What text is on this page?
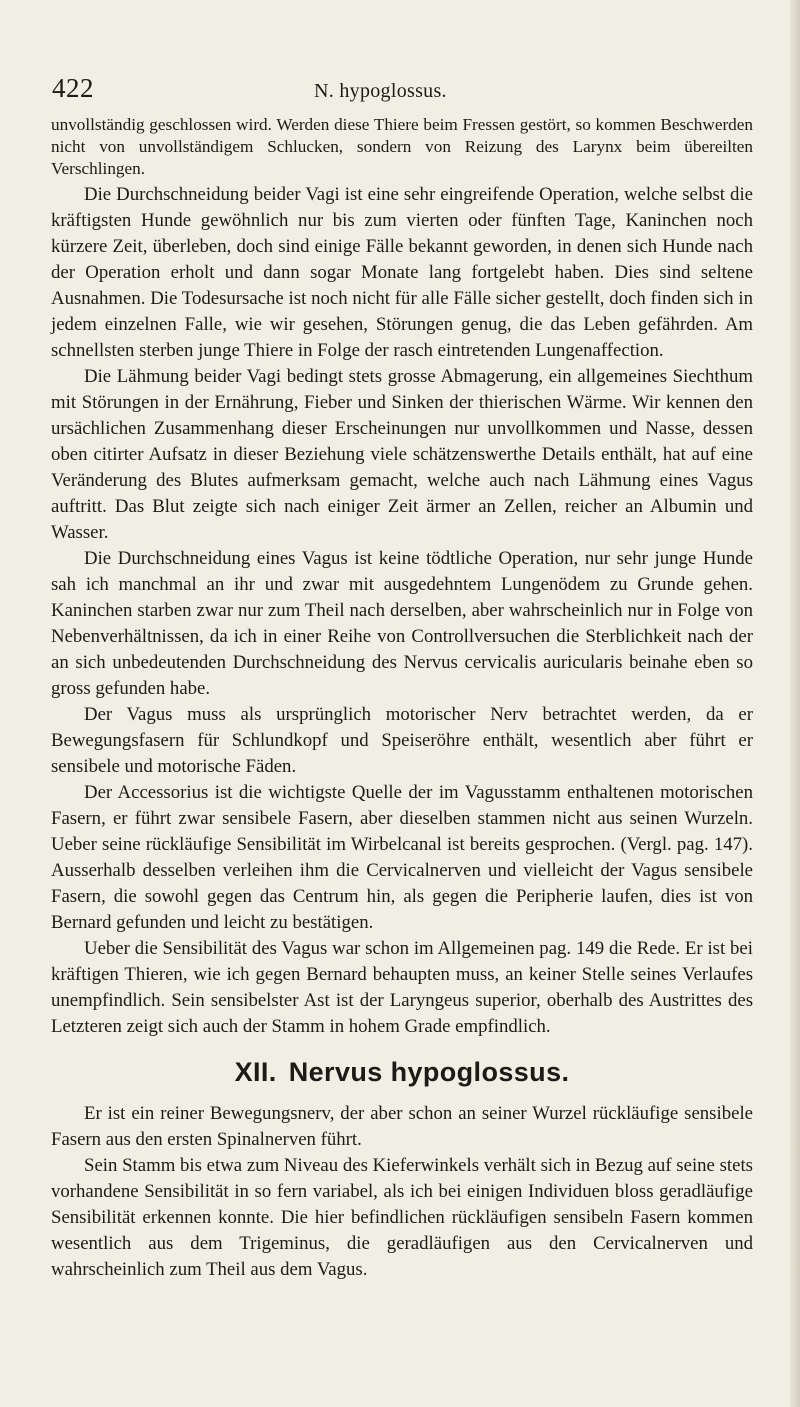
422	N. hypoglossus.

unvollständig geschlossen wird. Werden diese Thiere beim Fressen gestört, so kommen Beschwerden nicht von unvollständigem Schlucken, sondern von Reizung des Larynx beim übereilten Verschlingen.

Die Durchschneidung beider Vagi ist eine sehr eingreifende Operation, welche selbst die kräftigsten Hunde gewöhnlich nur bis zum vierten oder fünften Tage, Kaninchen noch kürzere Zeit, überleben, doch sind einige Fälle bekannt geworden, in denen sich Hunde nach der Operation erholt und dann sogar Monate lang fortgelebt haben. Dies sind seltene Ausnahmen. Die Todesursache ist noch nicht für alle Fälle sicher gestellt, doch finden sich in jedem einzelnen Falle, wie wir gesehen, Störungen genug, die das Leben gefährden. Am schnellsten sterben junge Thiere in Folge der rasch eintretenden Lungenaffection.

Die Lähmung beider Vagi bedingt stets grosse Abmagerung, ein allgemeines Siechthum mit Störungen in der Ernährung, Fieber und Sinken der thierischen Wärme. Wir kennen den ursächlichen Zusammenhang dieser Erscheinungen nur unvollkommen und Nasse, dessen oben citirter Aufsatz in dieser Beziehung viele schätzenswerthe Details enthält, hat auf eine Veränderung des Blutes aufmerksam gemacht, welche auch nach Lähmung eines Vagus auftritt. Das Blut zeigte sich nach einiger Zeit ärmer an Zellen, reicher an Albumin und Wasser.

Die Durchschneidung eines Vagus ist keine tödtliche Operation, nur sehr junge Hunde sah ich manchmal an ihr und zwar mit ausgedehntem Lungenödem zu Grunde gehen. Kaninchen starben zwar nur zum Theil nach derselben, aber wahrscheinlich nur in Folge von Nebenverhältnissen, da ich in einer Reihe von Controllversuchen die Sterblichkeit nach der an sich unbedeutenden Durchschneidung des Nervus cervicalis auricularis beinahe eben so gross gefunden habe.

Der Vagus muss als ursprünglich motorischer Nerv betrachtet werden, da er Bewegungsfasern für Schlundkopf und Speiseröhre enthält, wesentlich aber führt er sensibele und motorische Fäden.

Der Accessorius ist die wichtigste Quelle der im Vagusstamm enthaltenen motorischen Fasern, er führt zwar sensibele Fasern, aber dieselben stammen nicht aus seinen Wurzeln. Ueber seine rückläufige Sensibilität im Wirbelcanal ist bereits gesprochen. (Vergl. pag. 147). Ausserhalb desselben verleihen ihm die Cervicalnerven und vielleicht der Vagus sensibele Fasern, die sowohl gegen das Centrum hin, als gegen die Peripherie laufen, dies ist von Bernard gefunden und leicht zu bestätigen.

Ueber die Sensibilität des Vagus war schon im Allgemeinen pag. 149 die Rede. Er ist bei kräftigen Thieren, wie ich gegen Bernard behaupten muss, an keiner Stelle seines Verlaufes unempfindlich. Sein sensibelster Ast ist der Laryngeus superior, oberhalb des Austrittes des Letzteren zeigt sich auch der Stamm in hohem Grade empfindlich.

XII. Nervus hypoglossus.

Er ist ein reiner Bewegungsnerv, der aber schon an seiner Wurzel rückläufige sensibele Fasern aus den ersten Spinalnerven führt.

Sein Stamm bis etwa zum Niveau des Kieferwinkels verhält sich in Bezug auf seine stets vorhandene Sensibilität in so fern variabel, als ich bei einigen Individuen bloss geradläufige Sensibilität erkennen konnte. Die hier befindlichen rückläufigen sensibeln Fasern kommen wesentlich aus dem Trigeminus, die geradläufigen aus den Cervicalnerven und wahrscheinlich zum Theil aus dem Vagus.
